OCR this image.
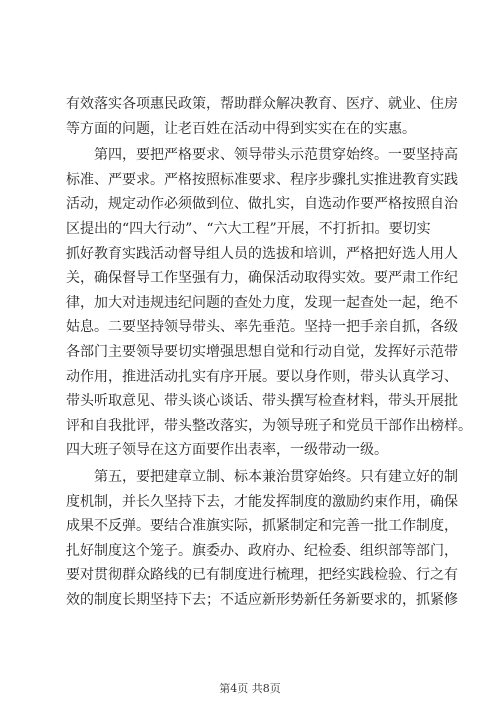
有效落实各项惠民政策，帮助群众解决教育、医疗、就业、住房
等方面的问题，让老百姓在活动中得到实实在在的实惠。

　　第四，要把严格要求、领导带头示范贯穿始终。一要坚持高
标准、严要求。严格按照标准要求、程序步骤扎实推进教育实践
活动，规定动作必须做到位、做扎实，自选动作要严格按照自治
区提出的“四大行动”、“六大工程”开展，不打折扣。要切实
抓好教育实践活动督导组人员的选拔和培训，严格把好选人用人
关，确保督导工作坚强有力，确保活动取得实效。要严肃工作纪
律，加大对违规违纪问题的查处力度，发现一起查处一起，绝不
姑息。二要坚持领导带头、率先垂范。坚持一把手亲自抓，各级
各部门主要领导要切实增强思想自觉和行动自觉，发挥好示范带
动作用，推进活动扎实有序开展。要以身作则，带头认真学习、
带头听取意见、带头谈心谈话、带头撰写检查材料，带头开展批
评和自我批评，带头整改落实，为领导班子和党员干部作出榜样。
四大班子领导在这方面要作出表率，一级带动一级。

　　第五，要把建章立制、标本兼治贯穿始终。只有建立好的制
度机制，并长久坚持下去，才能发挥制度的激励约束作用，确保
成果不反弹。要结合准旗实际，抓紧制定和完善一批工作制度，
扎好制度这个笼子。旗委办、政府办、纪检委、组织部等部门，
要对贯彻群众路线的已有制度进行梳理，把经实践检验、行之有
效的制度长期坚持下去；不适应新形势新任务新要求的，抓紧修

第4页 共8页
